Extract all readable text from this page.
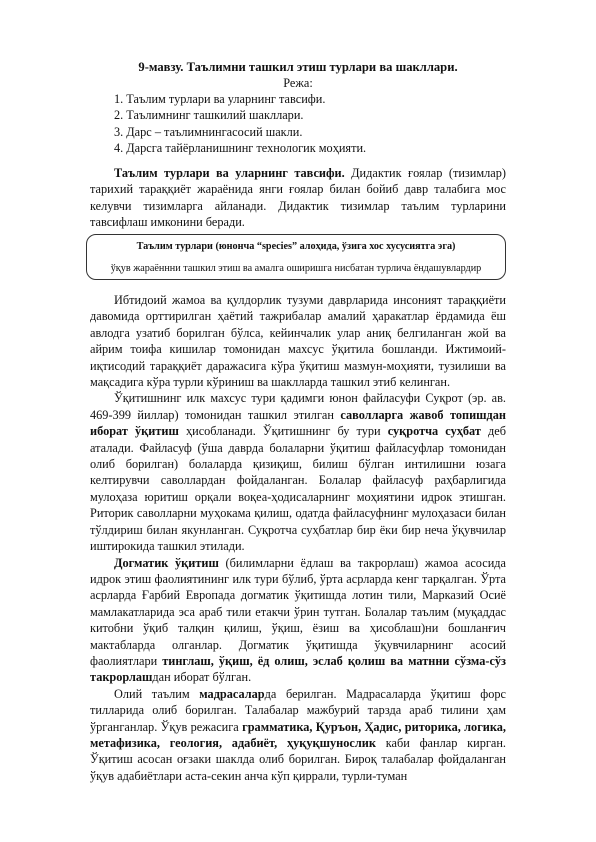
9-мавзу. Таълимни ташкил этиш турлари ва шакллари.
Режа:
1. Таълим турлари ва уларнинг тавсифи.
2. Таълимнинг ташкилий шакллари.
3. Дарс – таълимнингасосий шакли.
4. Дарсга тайёрланишнинг технологик моҳияти.

Таълим турлари ва уларнинг тавсифи. Дидактик ғоялар (тизимлар) тарихий тараққиёт жараёнида янги ғоялар билан бойиб давр талабига мос келувчи тизимларга айланади. Дидактик тизимлар таълим турларини тавсифлаш имконини беради.

Таълим турлари (юнонча “species” алоҳида, ўзига хос хусусиятга эга)
ўқув жараённни ташкил этиш ва амалга оширишга нисбатан турлича ёндашувлардир

Ибтидоий жамоа ва қулдорлик тузуми даврларида инсоният тараққиёти давомида орттирилган ҳаётий тажрибалар амалий ҳаракатлар ёрдамида ёш авлодга узатиб борилган бўлса, кейинчалик улар аниқ белгиланган жой ва айрим тоифа кишилар томонидан махсус ўқитила бошланди. Ижтимоий-иқтисодий тараққиёт даражасига кўра ўқитиш мазмун-моҳияти, тузилиши ва мақсадига кўра турли кўриниш ва шаклларда ташкил этиб келинган.

Ўқитишнинг илк махсус тури қадимги юнон файласуфи Суқрот (эр. ав. 469-399 йиллар) томонидан ташкил этилган саволларга жавоб топишдан иборат ўқитиш ҳисобланади. Ўқитишнинг бу тури суқротча суҳбат деб аталади. Файласуф (ўша даврда болаларни ўқитиш файласуфлар томонидан олиб борилган) болаларда қизиқиш, билиш бўлган интилишни юзага келтирувчи саволлардан фойдаланган. Болалар файласуф раҳбарлигида мулоҳаза юритиш орқали воқеа-ҳодисаларнинг моҳиятини идрок этишган. Риторик саволларни муҳокама қилиш, одатда файласуфнинг мулоҳазаси билан тўлдириш билан якунланган. Суқротча суҳбатлар бир ёки бир неча ўқувчилар иштирокида ташкил этилади.

Догматик ўқитиш (билимларни ёдлаш ва такрорлаш) жамоа асосида идрок этиш фаолиятининг илк тури бўлиб, ўрта асрларда кенг тарқалган. Ўрта асрларда Ғарбий Европада догматик ўқитишда лотин тили, Марказий Осиё мамлакатларида эса араб тили етакчи ўрин тутган. Болалар таълим (муқаддас китобни ўқиб талқин қилиш, ўқиш, ёзиш ва ҳисоблаш)ни бошланғич мактабларда олганлар. Догматик ўқитишда ўқувчиларнинг асосий фаолиятлари тинглаш, ўқиш, ёд олиш, эслаб қолиш ва матнни сўзма-сўз такрорлашдан иборат бўлган.

Олий таълим мадрасаларда берилган. Мадрасаларда ўқитиш форс тилларида олиб борилган. Талабалар мажбурий тарзда араб тилини ҳам ўрганганлар. Ўқув режасига грамматика, Қуръон, Ҳадис, риторика, логика, метафизика, геология, адабиёт, ҳуқуқшунослик каби фанлар кирган. Ўқитиш асосан оғзаки шаклда олиб борилган. Бироқ талабалар фойдаланган ўқув адабиётлари аста-секин анча кўп қиррали, турли-туман
